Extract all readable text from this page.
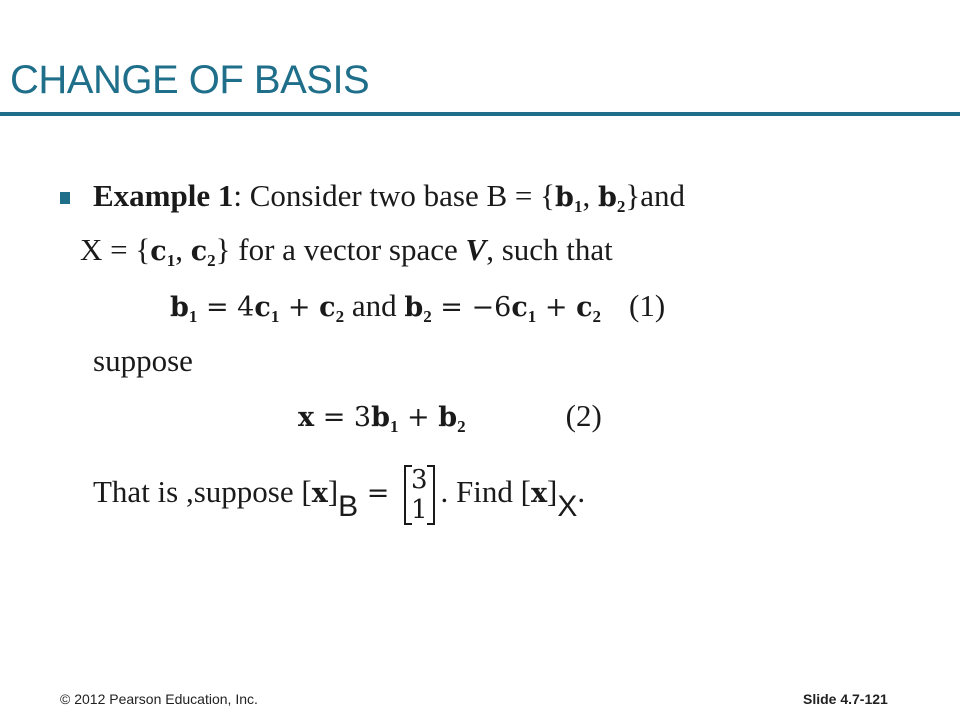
CHANGE OF BASIS
Example 1: Consider two base $B = \{b_1$, $b_2\}and$
$X = \{c_1$, $c_2$} for a vector space V, such that
$b_1 = 4c_1 + c_2$ and $b_2 = -6c_1 + c_2$ (1)
suppose
$x = 3b_1 + b_2$	(2)
That is ,suppose [x]B = 3
1
. Find [x]X.
© 2012 Pearson Education, Inc.	Slide 4.7-121
